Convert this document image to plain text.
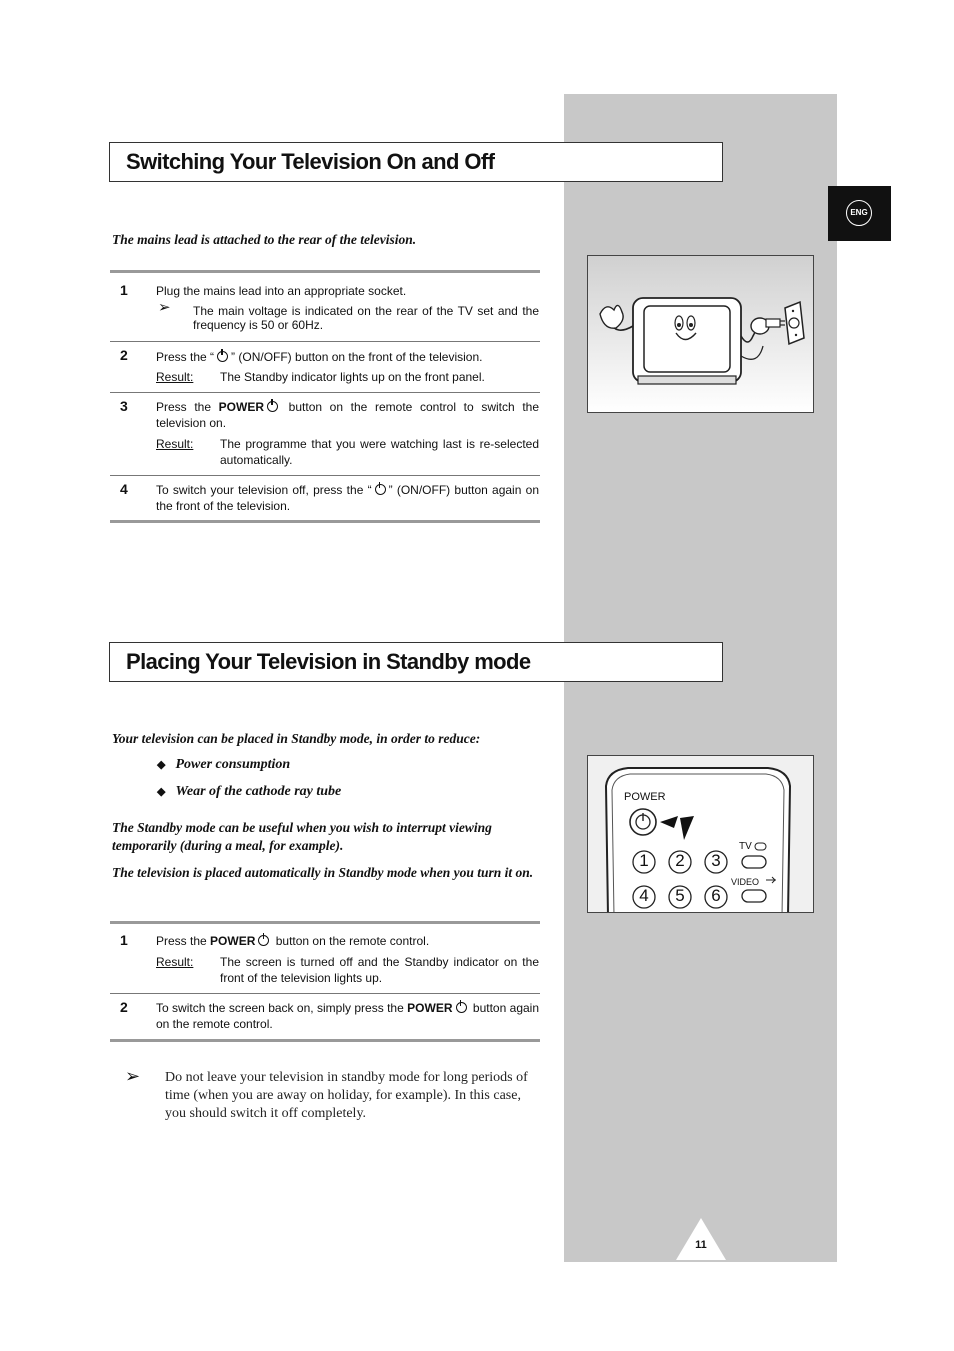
ENG
Switching Your Television On and Off
The mains lead is attached to the rear of the television.
1 Plug the mains lead into an appropriate socket.
➢ The main voltage is indicated on the rear of the TV set and the frequency is 50 or 60Hz.
2 Press the “ ” (ON/OFF) button on the front of the television.
Result: The Standby indicator lights up on the front panel.
3 Press the POWER button on the remote control to switch the television on.
Result: The programme that you were watching last is re-selected automatically.
4 To switch your television off, press the “ ” (ON/OFF) button again on the front of the television.
Placing Your Television in Standby mode
Your television can be placed in Standby mode, in order to reduce:
◆ Power consumption
◆ Wear of the cathode ray tube
The Standby mode can be useful when you wish to interrupt viewing temporarily (during a meal, for example).
The television is placed automatically in Standby mode when you turn it on.
1 Press the POWER button on the remote control.
Result: The screen is turned off and the Standby indicator on the front of the television lights up.
2 To switch the screen back on, simply press the POWER button again on the remote control.
➢ Do not leave your television in standby mode for long periods of time (when you are away on holiday, for example). In this case, you should switch it off completely.
POWER
TV
VIDEO
1 2 3
4 5 6
11
